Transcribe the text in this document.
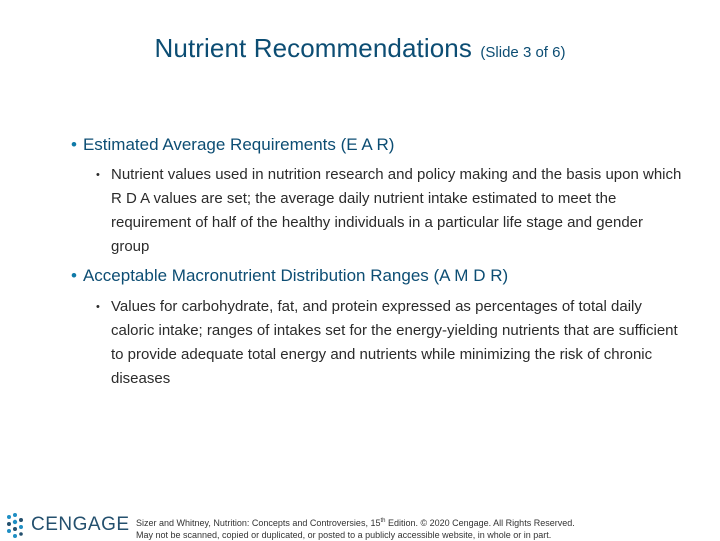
Nutrient Recommendations (Slide 3 of 6)
• Estimated Average Requirements (E A R)
• Nutrient values used in nutrition research and policy making and the basis upon which R D A values are set; the average daily nutrient intake estimated to meet the requirement of half of the healthy individuals in a particular life stage and gender group
• Acceptable Macronutrient Distribution Ranges (A M D R)
• Values for carbohydrate, fat, and protein expressed as percentages of total daily caloric intake; ranges of intakes set for the energy-yielding nutrients that are sufficient to provide adequate total energy and nutrients while minimizing the risk of chronic diseases
CENGAGE Sizer and Whitney, Nutrition: Concepts and Controversies, 15th Edition. © 2020 Cengage. All Rights Reserved.
May not be scanned, copied or duplicated, or posted to a publicly accessible website, in whole or in part.
